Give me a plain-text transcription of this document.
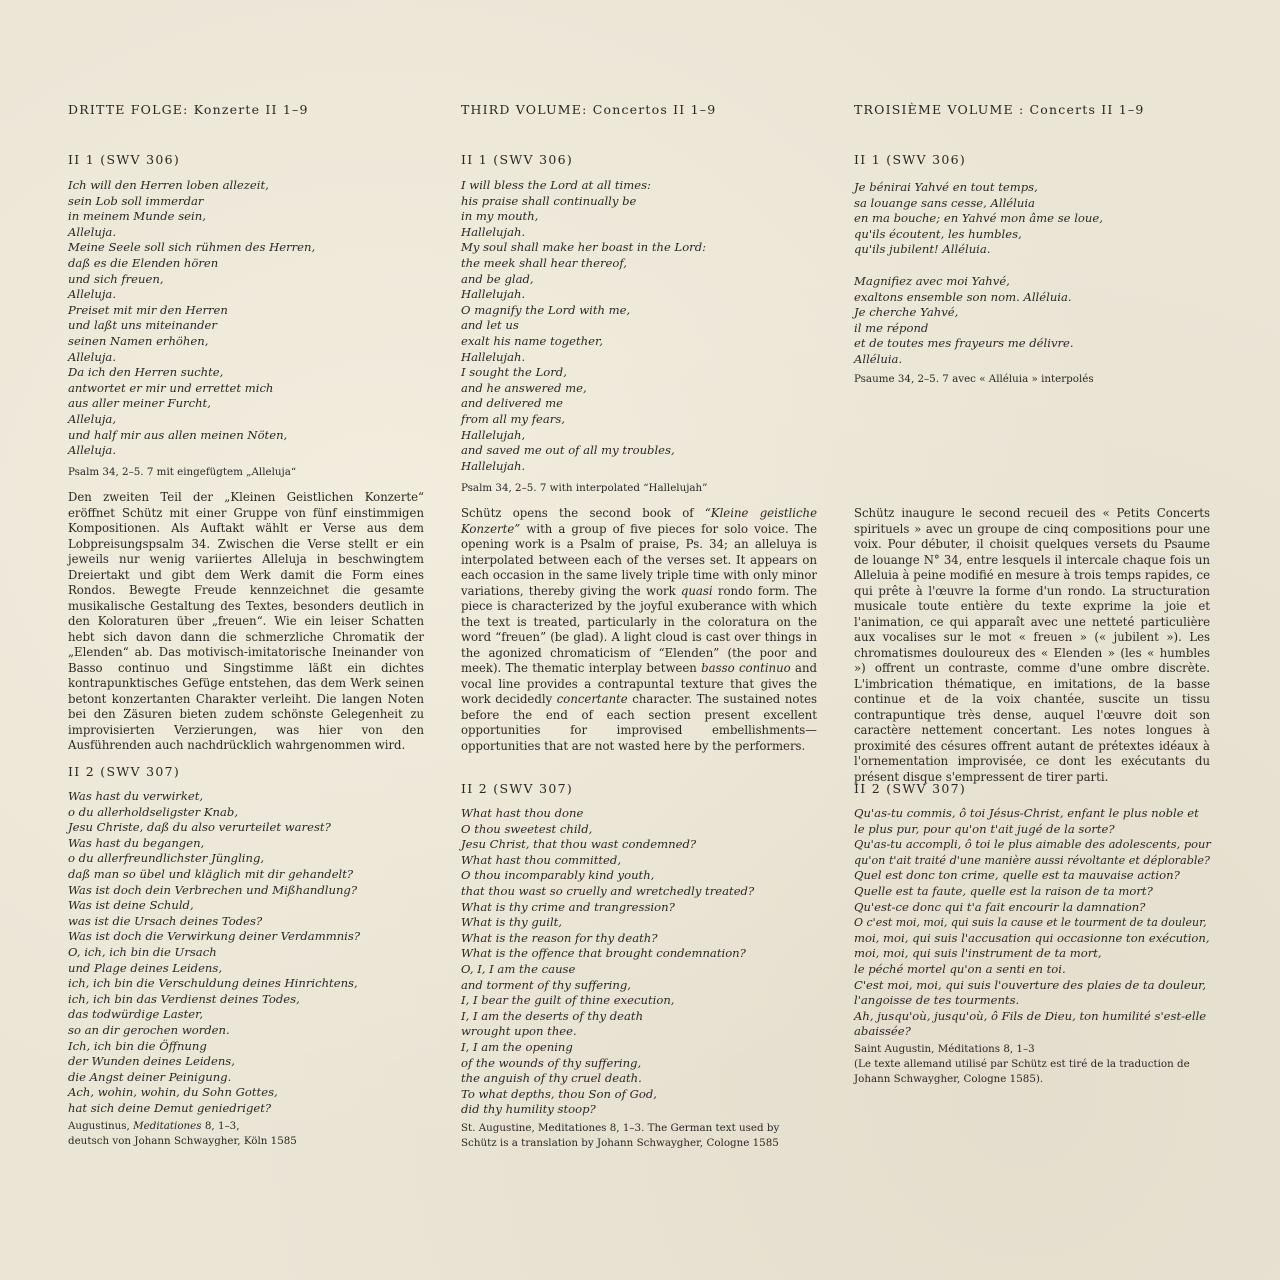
DRITTE FOLGE: Konzerte II 1–9
II 1 (SWV 306)
Ich will den Herren loben allezeit,
sein Lob soll immerdar
in meinem Munde sein,
Alleluja.
Meine Seele soll sich rühmen des Herren,
daß es die Elenden hören
und sich freuen,
Alleluja.
Preiset mit mir den Herren
und laßt uns miteinander
seinen Namen erhöhen,
Alleluja.
Da ich den Herren suchte,
antwortet er mir und errettet mich
aus aller meiner Furcht,
Alleluja,
und half mir aus allen meinen Nöten,
Alleluja.
Psalm 34, 2–5. 7 mit eingefügtem „Alleluja“

Den zweiten Teil der „Kleinen Geistlichen Konzerte“ eröffnet Schütz mit einer Gruppe von fünf einstimmigen Kompositionen. Als Auftakt wählt er Verse aus dem Lobpreisungspsalm 34. Zwischen die Verse stellt er ein jeweils nur wenig variiertes Alleluja in beschwingtem Dreiertakt und gibt dem Werk damit die Form eines Rondos. Bewegte Freude kennzeichnet die gesamte musikalische Gestaltung des Textes, besonders deutlich in den Koloraturen über „freuen“. Wie ein leiser Schatten hebt sich davon dann die schmerzliche Chromatik der „Elenden“ ab. Das motivisch-imitatorische Ineinander von Basso continuo und Singstimme läßt ein dichtes kontrapunktisches Gefüge entstehen, das dem Werk seinen betont konzertanten Charakter verleiht. Die langen Noten bei den Zäsuren bieten zudem schönste Gelegenheit zu improvisierten Verzierungen, was hier von den Ausführenden auch nachdrücklich wahrgenommen wird.

II 2 (SWV 307)
Was hast du verwirket,
o du allerholdseligster Knab,
Jesu Christe, daß du also verurteilet warest?
Was hast du begangen,
o du allerfreundlichster Jüngling,
daß man so übel und kläglich mit dir gehandelt?
Was ist doch dein Verbrechen und Mißhandlung?
Was ist deine Schuld,
was ist die Ursach deines Todes?
Was ist doch die Verwirkung deiner Verdammnis?
O, ich, ich bin die Ursach
und Plage deines Leidens,
ich, ich bin die Verschuldung deines Hinrichtens,
ich, ich bin das Verdienst deines Todes,
das todwürdige Laster,
so an dir gerochen worden.
Ich, ich bin die Öffnung
der Wunden deines Leidens,
die Angst deiner Peinigung.
Ach, wohin, wohin, du Sohn Gottes,
hat sich deine Demut geniedriget?
Augustinus, Meditationes 8, 1–3,
deutsch von Johann Schwaygher, Köln 1585
THIRD VOLUME: Concertos II 1–9
II 1 (SWV 306)
I will bless the Lord at all times:
his praise shall continually be
in my mouth,
Hallelujah.
My soul shall make her boast in the Lord:
the meek shall hear thereof,
and be glad,
Hallelujah.
O magnify the Lord with me,
and let us
exalt his name together,
Hallelujah.
I sought the Lord,
and he answered me,
and delivered me
from all my fears,
Hallelujah,
and saved me out of all my troubles,
Hallelujah.
Psalm 34, 2–5. 7 with interpolated “Hallelujah”

Schütz opens the second book of “Kleine geistliche Konzerte” with a group of five pieces for solo voice. The opening work is a Psalm of praise, Ps. 34; an alleluya is interpolated between each of the verses set. It appears on each occasion in the same lively triple time with only minor variations, thereby giving the work quasi rondo form. The piece is characterized by the joyful exuberance with which the text is treated, particularly in the coloratura on the word “freuen” (be glad). A light cloud is cast over things in the agonized chromaticism of “Elenden” (the poor and meek). The thematic interplay between basso continuo and vocal line provides a contrapuntal texture that gives the work decidedly concertante character. The sustained notes before the end of each section present excellent opportunities for improvised embellishments—opportunities that are not wasted here by the performers.

II 2 (SWV 307)
What hast thou done
O thou sweetest child,
Jesu Christ, that thou wast condemned?
What hast thou committed,
O thou incomparably kind youth,
that thou wast so cruelly and wretchedly treated?
What is thy crime and trangression?
What is thy guilt,
What is the reason for thy death?
What is the offence that brought condemnation?
O, I, I am the cause
and torment of thy suffering,
I, I bear the guilt of thine execution,
I, I am the deserts of thy death
wrought upon thee.
I, I am the opening
of the wounds of thy suffering,
the anguish of thy cruel death.
To what depths, thou Son of God,
did thy humility stoop?
St. Augustine, Meditationes 8, 1–3. The German text used by
Schütz is a translation by Johann Schwaygher, Cologne 1585
TROISIÈME VOLUME : Concerts II 1–9
II 1 (SWV 306)
Je bénirai Yahvé en tout temps,
sa louange sans cesse, Alléluia
en ma bouche; en Yahvé mon âme se loue,
qu'ils écoutent, les humbles,
qu'ils jubilent! Alléluia.
Magnifiez avec moi Yahvé,
exaltons ensemble son nom. Alléluia.
Je cherche Yahvé,
il me répond
et de toutes mes frayeurs me délivre.
Alléluia.
Psaume 34, 2–5. 7 avec « Alléluia » interpolés

Schütz inaugure le second recueil des « Petits Concerts spirituels » avec un groupe de cinq compositions pour une voix. Pour débuter, il choisit quelques versets du Psaume de louange N° 34, entre lesquels il intercale chaque fois un Alleluia à peine modifié en mesure à trois temps rapides, ce qui prête à l'œuvre la forme d'un rondo. La structuration musicale toute entière du texte exprime la joie et l'animation, ce qui apparaît avec une netteté particulière aux vocalises sur le mot « freuen » (« jubilent »). Les chromatismes douloureux des « Elenden » (les « humbles ») offrent un contraste, comme d'une ombre discrète. L'imbrication thématique, en imitations, de la basse continue et de la voix chantée, suscite un tissu contrapuntique très dense, auquel l'œuvre doit son caractère nettement concertant. Les notes longues à proximité des césures offrent autant de prétextes idéaux à l'ornementation improvisée, ce dont les exécutants du présent disque s'empressent de tirer parti.

II 2 (SWV 307)
Qu'as-tu commis, ô toi Jésus-Christ, enfant le plus noble et
le plus pur, pour qu'on t'ait jugé de la sorte?
Qu'as-tu accompli, ô toi le plus aimable des adolescents, pour
qu'on t'ait traité d'une manière aussi révoltante et déplorable?
Quel est donc ton crime, quelle est ta mauvaise action?
Quelle est ta faute, quelle est la raison de ta mort?
Qu'est-ce donc qui t'a fait encourir la damnation?
O c'est moi, moi, qui suis la cause et le tourment de ta douleur,
moi, moi, qui suis l'accusation qui occasionne ton exécution,
moi, moi, qui suis l'instrument de ta mort,
le péché mortel qu'on a senti en toi.
C'est moi, moi, qui suis l'ouverture des plaies de ta douleur,
l'angoisse de tes tourments.
Ah, jusqu'où, jusqu'où, ô Fils de Dieu, ton humilité s'est-elle
abaissée?
Saint Augustin, Méditations 8, 1–3
(Le texte allemand utilisé par Schütz est tiré de la traduction de
Johann Schwaygher, Cologne 1585).
